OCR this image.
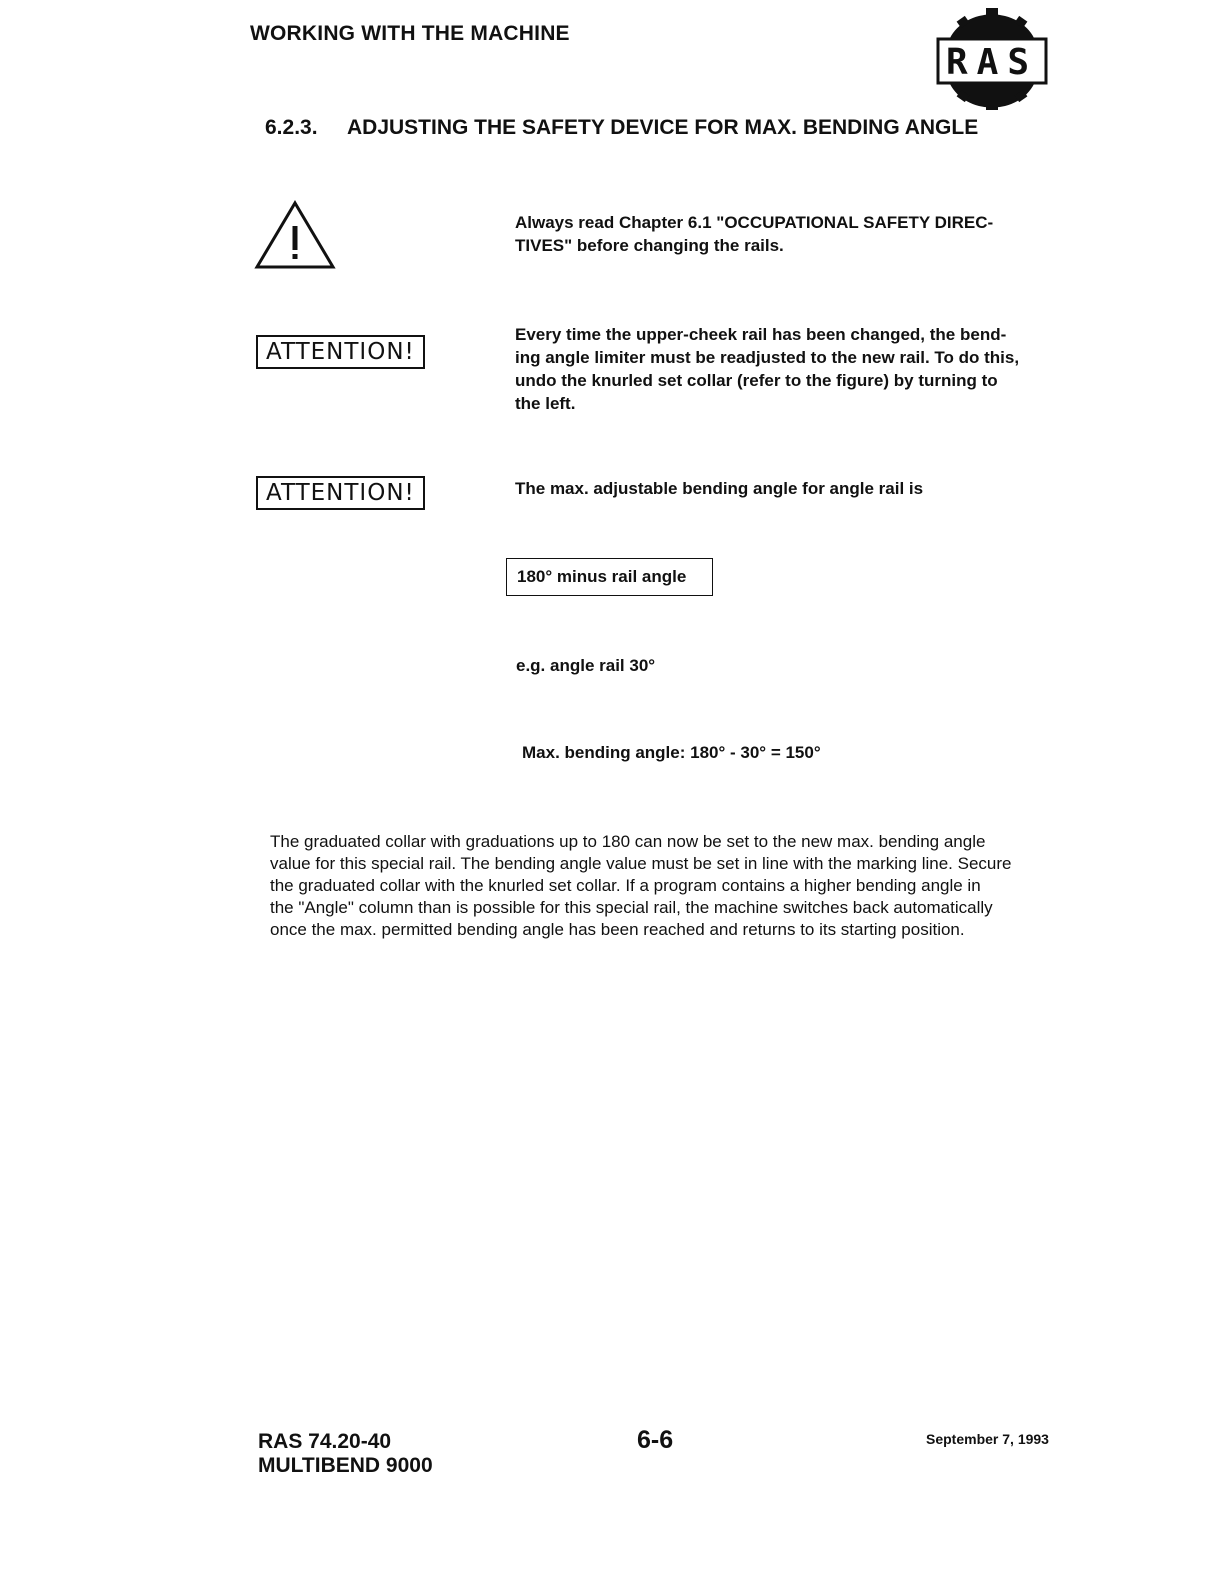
WORKING WITH THE MACHINE
RAS
6.2.3. ADJUSTING THE SAFETY DEVICE FOR MAX. BENDING ANGLE
Always read Chapter 6.1 "OCCUPATIONAL SAFETY DIREC-
TIVES" before changing the rails.
ATTENTION!
Every time the upper-cheek rail has been changed, the bend-
ing angle limiter must be readjusted to the new rail. To do this,
undo the knurled set collar (refer to the figure) by turning to
the left.
ATTENTION!	The max. adjustable bending angle for angle rail is
180° minus rail angle
e.g. angle rail 30°
Max. bending angle: 180° - 30° = 150°
The graduated collar with graduations up to 180 can now be set to the new max. bending angle
value for this special rail. The bending angle value must be set in line with the marking line. Secure
the graduated collar with the knurled set collar. If a program contains a higher bending angle in
the "Angle" column than is possible for this special rail, the machine switches back automatically
once the max. permitted bending angle has been reached and returns to its starting position.
RAS 74.20-40
MULTIBEND 9000
6-6	September 7, 1993
